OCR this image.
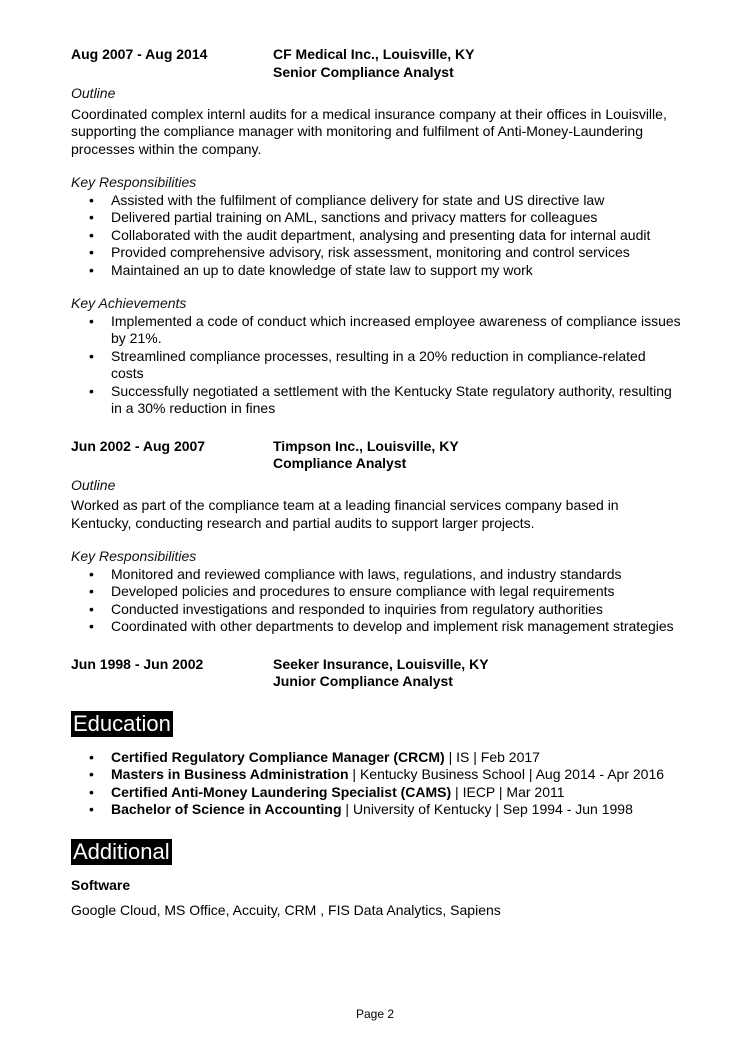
Aug 2007 - Aug 2014	CF Medical Inc., Louisville, KY
Senior Compliance Analyst
Outline

Coordinated complex internl audits for a medical insurance company at their offices in Louisville, supporting the compliance manager with monitoring and fulfilment of Anti-Money-Laundering processes within the company.

Key Responsibilities
• Assisted with the fulfilment of compliance delivery for state and US directive law
• Delivered partial training on AML, sanctions and privacy matters for colleagues
• Collaborated with the audit department, analysing and presenting data for internal audit
• Provided comprehensive advisory, risk assessment, monitoring and control services
• Maintained an up to date knowledge of state law to support my work
Key Achievements
• Implemented a code of conduct which increased employee awareness of compliance issues by 21%.
• Streamlined compliance processes, resulting in a 20% reduction in compliance-related costs
• Successfully negotiated a settlement with the Kentucky State regulatory authority, resulting in a 30% reduction in fines
Jun 2002 - Aug 2007	Timpson Inc., Louisville, KY
Compliance Analyst
Outline

Worked as part of the compliance team at a leading financial services company based in Kentucky, conducting research and partial audits to support larger projects.

Key Responsibilities
• Monitored and reviewed compliance with laws, regulations, and industry standards
• Developed policies and procedures to ensure compliance with legal requirements
• Conducted investigations and responded to inquiries from regulatory authorities
• Coordinated with other departments to develop and implement risk management strategies
Jun 1998 - Jun 2002	Seeker Insurance, Louisville, KY
Junior Compliance Analyst
Education
• Certified Regulatory Compliance Manager (CRCM) | IS | Feb 2017
• Masters in Business Administration | Kentucky Business School | Aug 2014 - Apr 2016
• Certified Anti-Money Laundering Specialist (CAMS) | IECP | Mar 2011
• Bachelor of Science in Accounting | University of Kentucky | Sep 1994 - Jun 1998
Additional
Software

Google Cloud, MS Office, Accuity, CRM , FIS Data Analytics, Sapiens

Page 2
